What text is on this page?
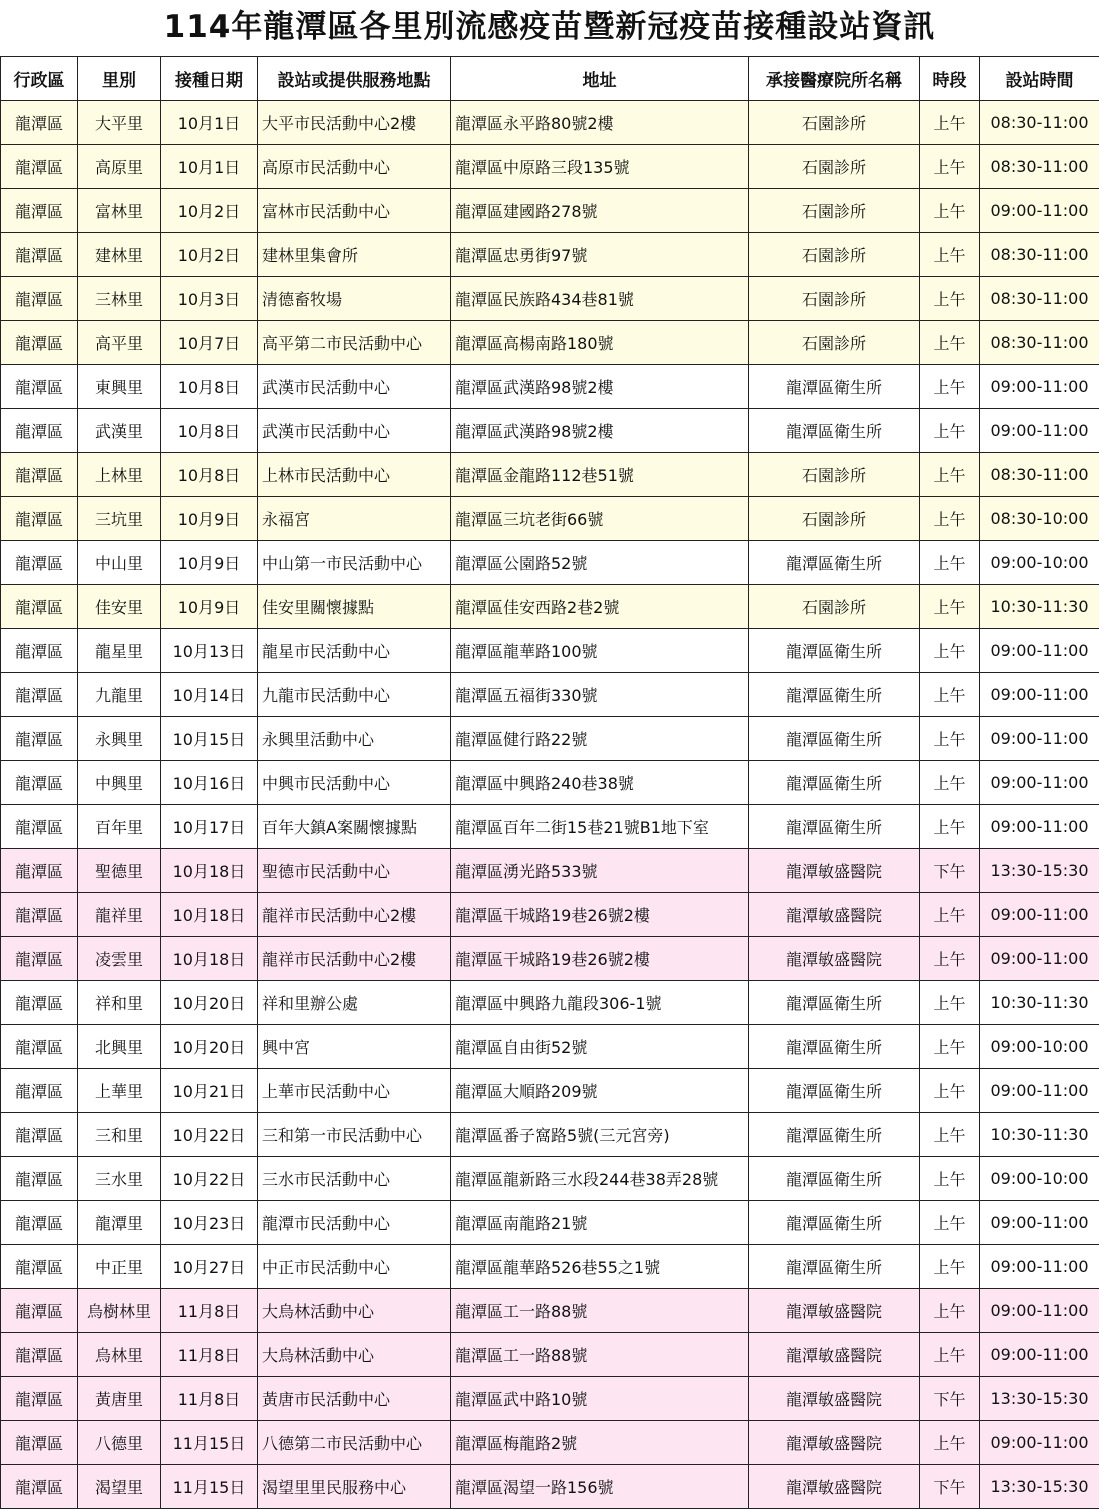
114年龍潭區各里別流感疫苗暨新冠疫苗接種設站資訊
行政區	里別	接種日期	設站或提供服務地點	地址	承接醫療院所名稱	時段	設站時間
龍潭區	大平里	10月1日	大平市民活動中心2樓	龍潭區永平路80號2樓	石園診所	上午	08:30-11:00
龍潭區	高原里	10月1日	高原市民活動中心	龍潭區中原路三段135號	石園診所	上午	08:30-11:00
龍潭區	富林里	10月2日	富林市民活動中心	龍潭區建國路278號	石園診所	上午	09:00-11:00
龍潭區	建林里	10月2日	建林里集會所	龍潭區忠勇街97號	石園診所	上午	08:30-11:00
龍潭區	三林里	10月3日	清德畜牧場	龍潭區民族路434巷81號	石園診所	上午	08:30-11:00
龍潭區	高平里	10月7日	高平第二市民活動中心	龍潭區高楊南路180號	石園診所	上午	08:30-11:00
龍潭區	東興里	10月8日	武漢市民活動中心	龍潭區武漢路98號2樓	龍潭區衛生所	上午	09:00-11:00
龍潭區	武漢里	10月8日	武漢市民活動中心	龍潭區武漢路98號2樓	龍潭區衛生所	上午	09:00-11:00
龍潭區	上林里	10月8日	上林市民活動中心	龍潭區金龍路112巷51號	石園診所	上午	08:30-11:00
龍潭區	三坑里	10月9日	永福宮	龍潭區三坑老街66號	石園診所	上午	08:30-10:00
龍潭區	中山里	10月9日	中山第一市民活動中心	龍潭區公園路52號	龍潭區衛生所	上午	09:00-10:00
龍潭區	佳安里	10月9日	佳安里關懷據點	龍潭區佳安西路2巷2號	石園診所	上午	10:30-11:30
龍潭區	龍星里	10月13日	龍星市民活動中心	龍潭區龍華路100號	龍潭區衛生所	上午	09:00-11:00
龍潭區	九龍里	10月14日	九龍市民活動中心	龍潭區五福街330號	龍潭區衛生所	上午	09:00-11:00
龍潭區	永興里	10月15日	永興里活動中心	龍潭區健行路22號	龍潭區衛生所	上午	09:00-11:00
龍潭區	中興里	10月16日	中興市民活動中心	龍潭區中興路240巷38號	龍潭區衛生所	上午	09:00-11:00
龍潭區	百年里	10月17日	百年大鎮A案關懷據點	龍潭區百年二街15巷21號B1地下室	龍潭區衛生所	上午	09:00-11:00
龍潭區	聖德里	10月18日	聖德市民活動中心	龍潭區湧光路533號	龍潭敏盛醫院	下午	13:30-15:30
龍潭區	龍祥里	10月18日	龍祥市民活動中心2樓	龍潭區干城路19巷26號2樓	龍潭敏盛醫院	上午	09:00-11:00
龍潭區	凌雲里	10月18日	龍祥市民活動中心2樓	龍潭區干城路19巷26號2樓	龍潭敏盛醫院	上午	09:00-11:00
龍潭區	祥和里	10月20日	祥和里辦公處	龍潭區中興路九龍段306-1號	龍潭區衛生所	上午	10:30-11:30
龍潭區	北興里	10月20日	興中宮	龍潭區自由街52號	龍潭區衛生所	上午	09:00-10:00
龍潭區	上華里	10月21日	上華市民活動中心	龍潭區大順路209號	龍潭區衛生所	上午	09:00-11:00
龍潭區	三和里	10月22日	三和第一市民活動中心	龍潭區番子窩路5號(三元宮旁)	龍潭區衛生所	上午	10:30-11:30
龍潭區	三水里	10月22日	三水市民活動中心	龍潭區龍新路三水段244巷38弄28號	龍潭區衛生所	上午	09:00-10:00
龍潭區	龍潭里	10月23日	龍潭市民活動中心	龍潭區南龍路21號	龍潭區衛生所	上午	09:00-11:00
龍潭區	中正里	10月27日	中正市民活動中心	龍潭區龍華路526巷55之1號	龍潭區衛生所	上午	09:00-11:00
龍潭區	烏樹林里	11月8日	大烏林活動中心	龍潭區工一路88號	龍潭敏盛醫院	上午	09:00-11:00
龍潭區	烏林里	11月8日	大烏林活動中心	龍潭區工一路88號	龍潭敏盛醫院	上午	09:00-11:00
龍潭區	黃唐里	11月8日	黃唐市民活動中心	龍潭區武中路10號	龍潭敏盛醫院	下午	13:30-15:30
龍潭區	八德里	11月15日	八德第二市民活動中心	龍潭區梅龍路2號	龍潭敏盛醫院	上午	09:00-11:00
龍潭區	渴望里	11月15日	渴望里里民服務中心	龍潭區渴望一路156號	龍潭敏盛醫院	下午	13:30-15:30
